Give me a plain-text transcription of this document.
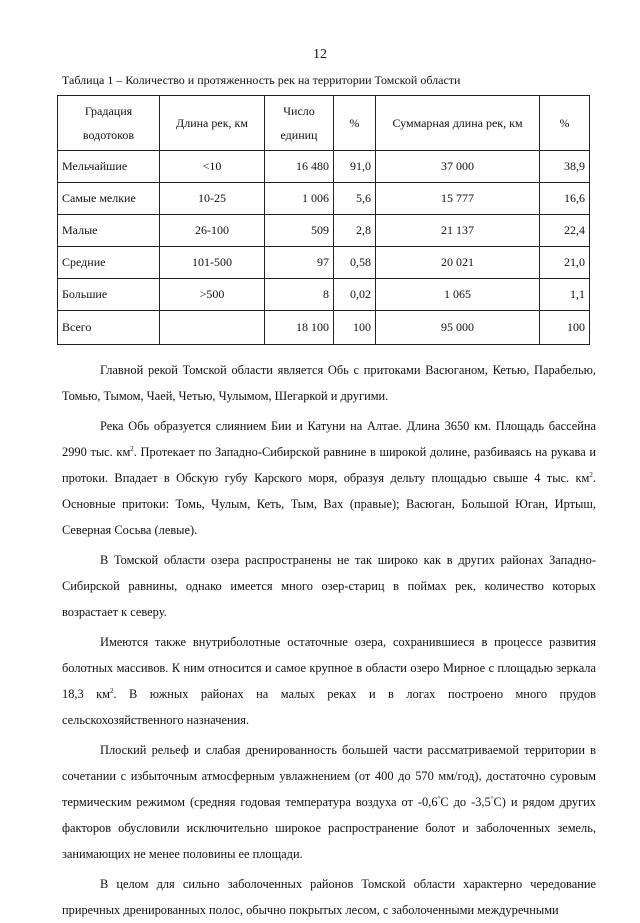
12
Таблица 1 – Количество и протяженность рек на территории Томской области
Градация водотоков	Длина рек, км	Число единиц	%	Суммарная длина рек, км	%
Мельчайшие	<10	16 480	91,0	37 000	38,9
Самые мелкие	10-25	1 006	5,6	15 777	16,6
Малые	26-100	509	2,8	21 137	22,4
Средние	101-500	97	0,58	20 021	21,0
Большие	>500	8	0,02	1 065	1,1
Всего		18 100	100	95 000	100

Главной рекой Томской области является Обь с притоками Васюганом, Кетью, Парабелью, Томью, Тымом, Чаей, Четью, Чулымом, Шегаркой и другими.

Река Обь образуется слиянием Бии и Катуни на Алтае. Длина 3650 км. Площадь бассейна 2990 тыс. $км^2$. Протекает по Западно-Сибирской равнине в широкой долине, разбиваясь на рукава и протоки. Впадает в Обскую губу Карского моря, образуя дельту площадью свыше 4 тыс. $км^2$. Основные притоки: Томь, Чулым, Кеть, Тым, Вах (правые); Васюган, Большой Юган, Иртыш, Северная Сосьва (левые).

В Томской области озера распространены не так широко как в других районах Западно-Сибирской равнины, однако имеется много озер-стариц в поймах рек, количество которых возрастает к северу.

Имеются также внутриболотные остаточные озера, сохранившиеся в процессе развития болотных массивов. К ним относится и самое крупное в области озеро Мирное с площадью зеркала 18,3 $км^2$. В южных районах на малых реках и в логах построено много прудов сельскохозяйственного назначения.

Плоский рельеф и слабая дренированность большей части рассматриваемой территории в сочетании с избыточным атмосферным увлажнением (от 400 до 570 мм/год), достаточно суровым термическим режимом (средняя годовая температура воздуха от -0,6°С до -3,5°С) и рядом других факторов обусловили исключительно широкое распространение болот и заболоченных земель, занимающих не менее половины ее площади.

В целом для сильно заболоченных районов Томской области характерно чередование приречных дренированных полос, обычно покрытых лесом, с заболоченными междуречными
